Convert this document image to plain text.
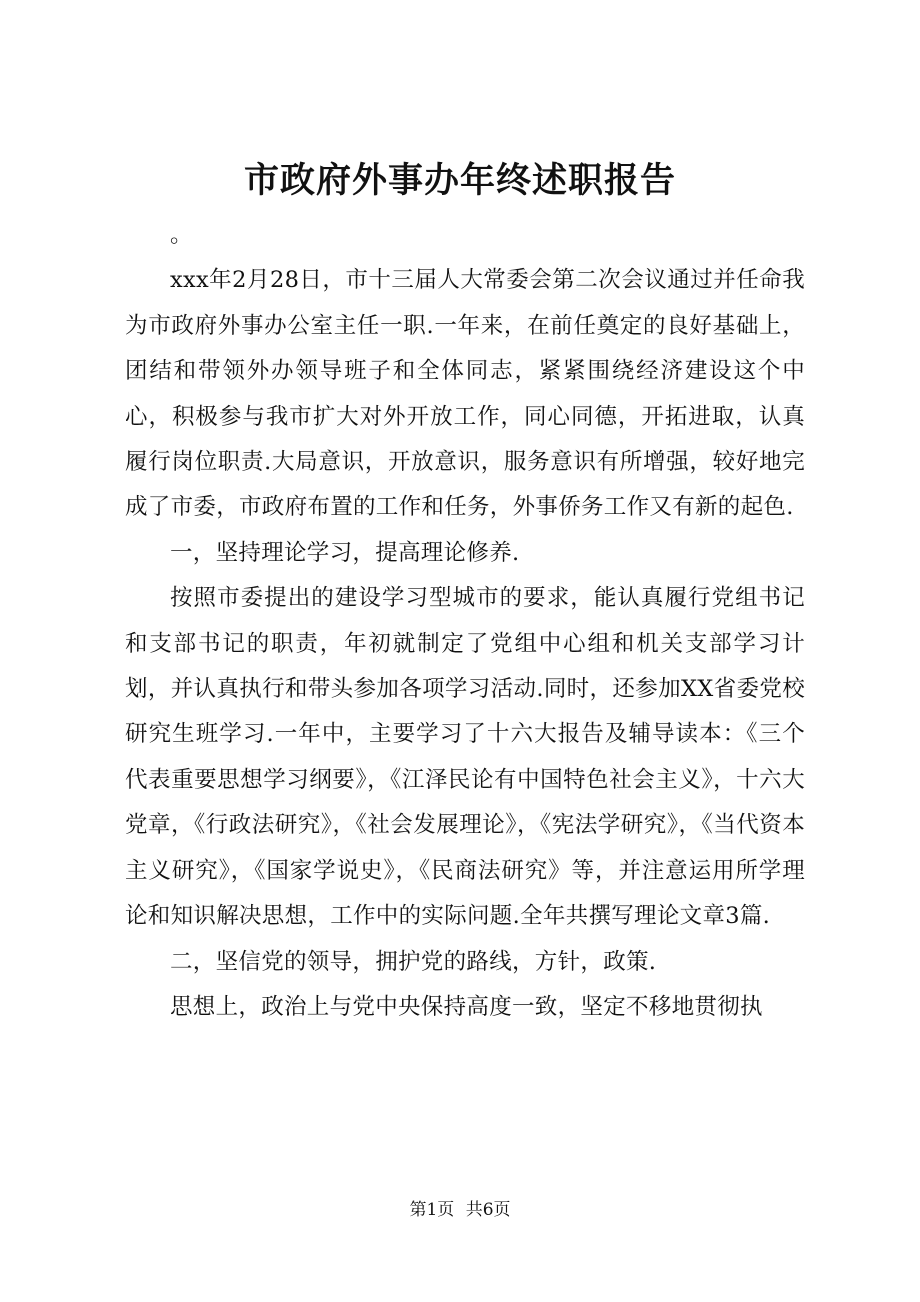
市政府外事办年终述职报告

。

xxx年2月28日，市十三届人大常委会第二次会议通过并任命我为市政府外事办公室主任一职.一年来，在前任奠定的良好基础上，团结和带领外办领导班子和全体同志，紧紧围绕经济建设这个中心，积极参与我市扩大对外开放工作，同心同德，开拓进取，认真履行岗位职责.大局意识，开放意识，服务意识有所增强，较好地完成了市委，市政府布置的工作和任务，外事侨务工作又有新的起色.

一，坚持理论学习，提高理论修养.

按照市委提出的建设学习型城市的要求，能认真履行党组书记和支部书记的职责，年初就制定了党组中心组和机关支部学习计划，并认真执行和带头参加各项学习活动.同时，还参加XX省委党校研究生班学习.一年中，主要学习了十六大报告及辅导读本：《三个代表重要思想学习纲要》，《江泽民论有中国特色社会主义》，十六大党章，《行政法研究》，《社会发展理论》，《宪法学研究》，《当代资本主义研究》，《国家学说史》，《民商法研究》等，并注意运用所学理论和知识解决思想，工作中的实际问题.全年共撰写理论文章3篇.

二，坚信党的领导，拥护党的路线，方针，政策.

思想上，政治上与党中央保持高度一致，坚定不移地贯彻执

第1页 共6页
